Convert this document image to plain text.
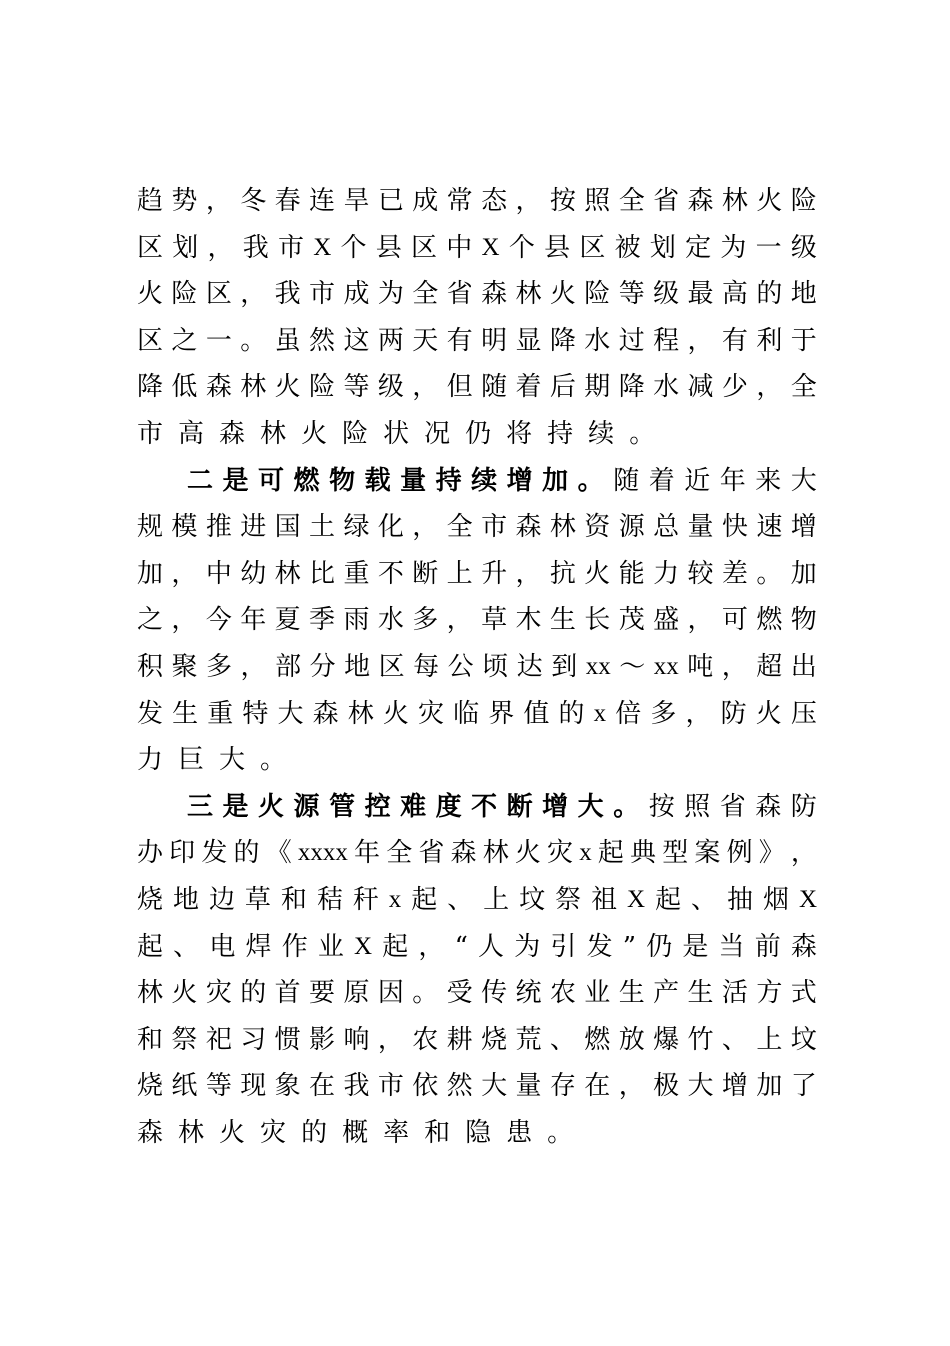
趋 势 ， 冬 春 连 旱 已 成 常 态 ， 按 照 全 省 森 林 火 险
区 划 ， 我 市 X 个 县 区 中 X 个 县 区 被 划 定 为 一 级
火 险 区 ， 我 市 成 为 全 省 森 林 火 险 等 级 最 高 的 地
区 之 一 。 虽 然 这 两 天 有 明 显 降 水 过 程 ， 有 利 于
降 低 森 林 火 险 等 级 ， 但 随 着 后 期 降 水 减 少 ， 全
市 高 森 林 火 险 状 况 仍 将 持 续 。
二 是 可 燃 物 载 量 持 续 增 加 。 随 着 近 年 来 大
规 模 推 进 国 土 绿 化 ， 全 市 森 林 资 源 总 量 快 速 增
加 ， 中 幼 林 比 重 不 断 上 升 ， 抗 火 能 力 较 差 。 加
之 ， 今 年 夏 季 雨 水 多 ， 草 木 生 长 茂 盛 ， 可 燃 物
积 聚 多 ， 部 分 地 区 每 公 顷 达 到 xx ～ xx 吨 ， 超 出
发 生 重 特 大 森 林 火 灾 临 界 值 的 x 倍 多 ， 防 火 压
力 巨 大 。
三 是 火 源 管 控 难 度 不 断 增 大 。 按 照 省 森 防
办 印 发 的 《 xxxx 年 全 省 森 林 火 灾 x 起 典 型 案 例 》 ，
烧 地 边 草 和 秸 秆 x 起 、 上 坟 祭 祖 X 起 、 抽 烟 X
起 、 电 焊 作 业 X 起 ， “ 人 为 引 发 ” 仍 是 当 前 森
林 火 灾 的 首 要 原 因 。 受 传 统 农 业 生 产 生 活 方 式
和 祭 祀 习 惯 影 响 ， 农 耕 烧 荒 、 燃 放 爆 竹 、 上 坟
烧 纸 等 现 象 在 我 市 依 然 大 量 存 在 ， 极 大 增 加 了
森 林 火 灾 的 概 率 和 隐 患 。
